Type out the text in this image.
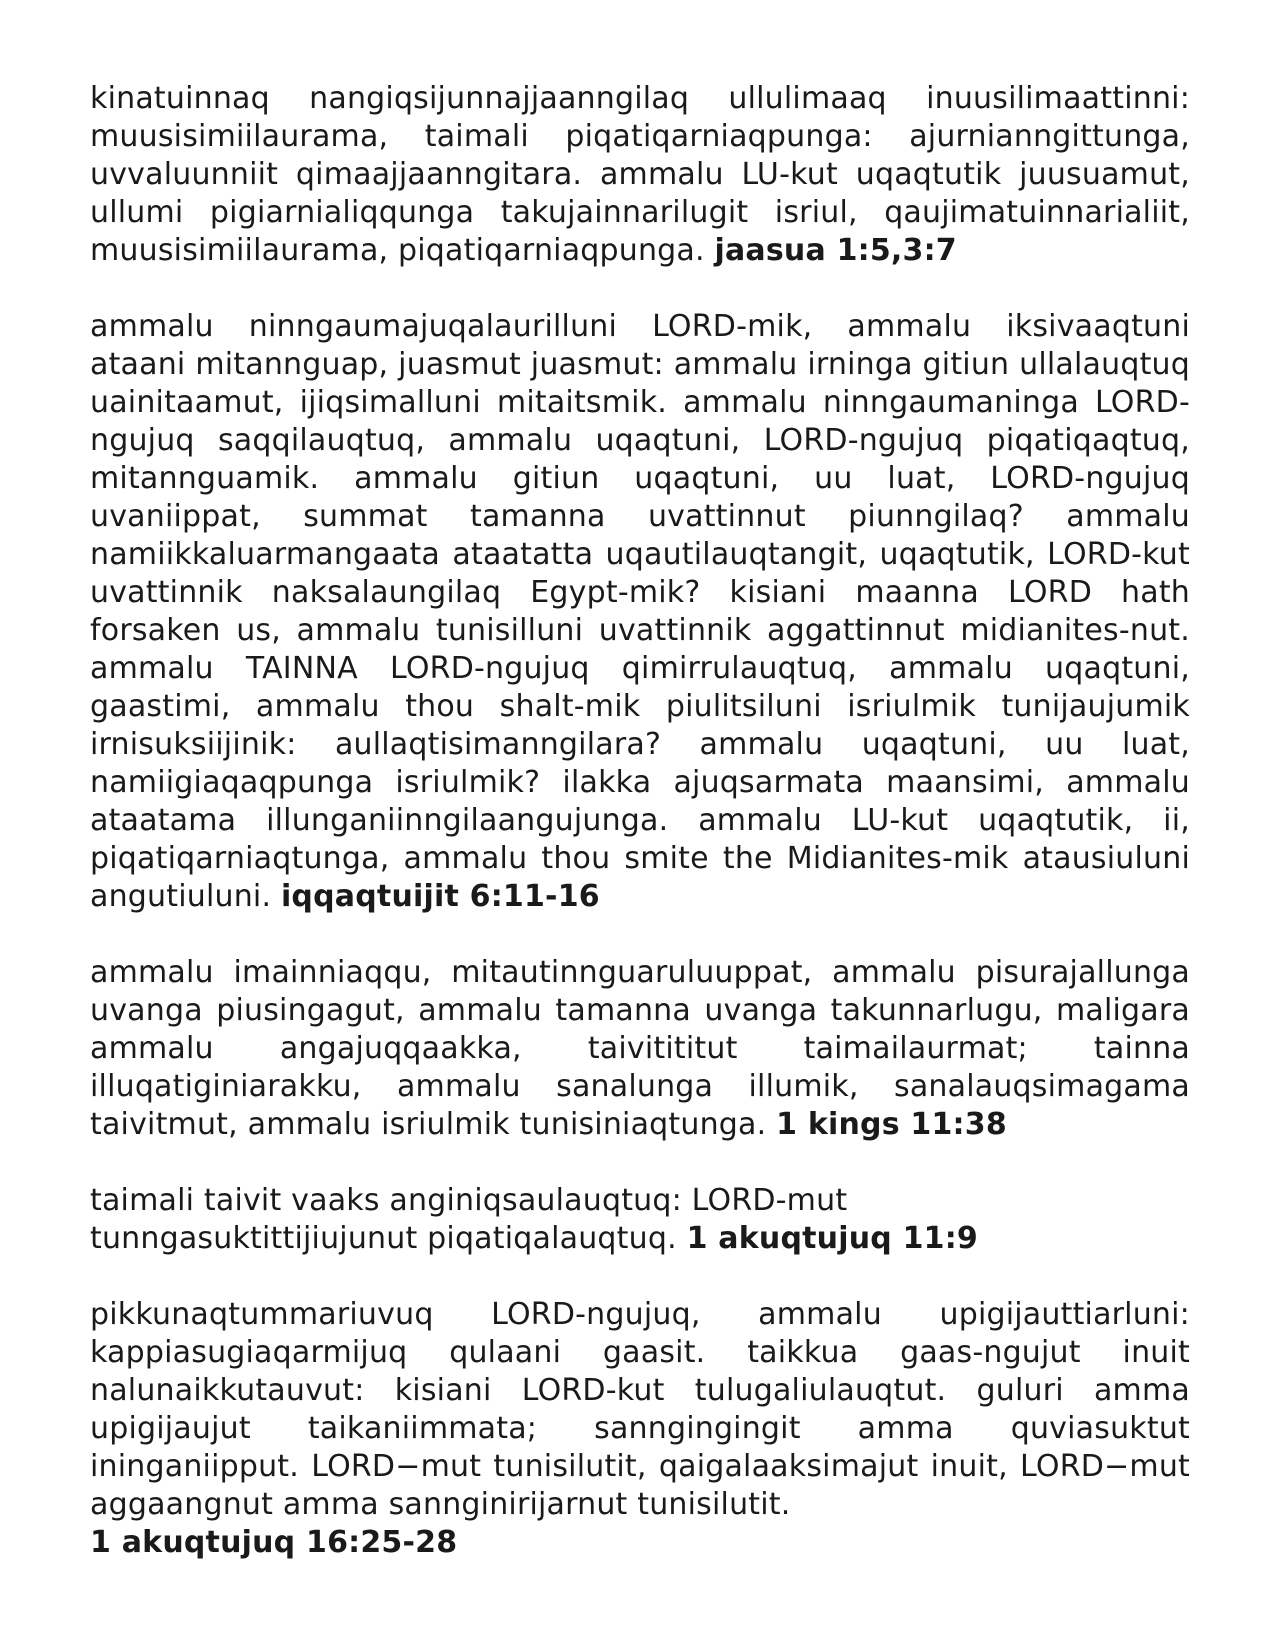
kinatuinnaq nangiqsijunnajjaanngilaq ullulimaaq inuusilimaattinni: muusisimiilaurama, taimali piqatiqarniaqpunga: ajurnianngittunga, uvvaluunniit qimaajjaanngitara. ammalu LU-kut uqaqtutik juusuamut, ullumi pigiarnialiqqunga takujainnarilugit isriul, qaujimatuinnarialiit, muusisimiilaurama, piqatiqarniaqpunga. jaasua 1:5,3:7

ammalu ninngaumajuqalaurilluni LORD-mik, ammalu iksivaaqtuni ataani mitannguap, juasmut juasmut: ammalu irninga gitiun ullalauqtuq uainitaamut, ijiqsimalluni mitaitsmik. ammalu ninngaumaninga LORD-ngujuq saqqilauqtuq, ammalu uqaqtuni, LORD-ngujuq piqatiqaqtuq, mitannguamik. ammalu gitiun uqaqtuni, uu luat, LORD-ngujuq uvaniippat, summat tamanna uvattinnut piunngilaq? ammalu namiikkaluarmangaata ataatatta uqautilauqtangit, uqaqtutik, LORD-kut uvattinnik naksalaungilaq Egypt-mik? kisiani maanna LORD hath forsaken us, ammalu tunisilluni uvattinnik aggattinnut midianites-nut. ammalu TAINNA LORD-ngujuq qimirrulauqtuq, ammalu uqaqtuni, gaastimi, ammalu thou shalt-mik piulitsiluni isriulmik tunijaujumik irnisuksiijinik: aullaqtisimanngilara? ammalu uqaqtuni, uu luat, namiigiaqaqpunga isriulmik? ilakka ajuqsarmata maansimi, ammalu ataatama illunganiinngilaangujunga. ammalu LU-kut uqaqtutik, ii, piqatiqarniaqtunga, ammalu thou smite the Midianites-mik atausiuluni angutiuluni. iqqaqtuijit 6:11-16

ammalu imainniaqqu, mitautinnguaruluuppat, ammalu pisurajallunga uvanga piusingagut, ammalu tamanna uvanga takunnarlugu, maligara ammalu angajuqqaakka, taivitititut taimailaurmat; tainna illuqatiginiarakku, ammalu sanalunga illumik, sanalauqsimagama taivitmut, ammalu isriulmik tunisiniaqtunga. 1 kings 11:38

taimali taivit vaaks anginiqsaulauqtuq: LORD-mut
tunngasuktittijiujunut piqatiqalauqtuq. 1 akuqtujuq 11:9

pikkunaqtummariuvuq LORD-ngujuq, ammalu upigijauttiarluni: kappiasugiaqarmijuq qulaani gaasit. taikkua gaas-ngujut inuit nalunaikkutauvut: kisiani LORD-kut tulugaliulauqtut. guluri amma upigijaujut taikaniimmata; sanngingingit amma quviasuktut ininganiipput. LORD−mut tunisilutit, qaigalaaksimajut inuit, LORD−mut aggaangnut amma sannginirijarnut tunisilutit.
1 akuqtujuq 16:25-28
